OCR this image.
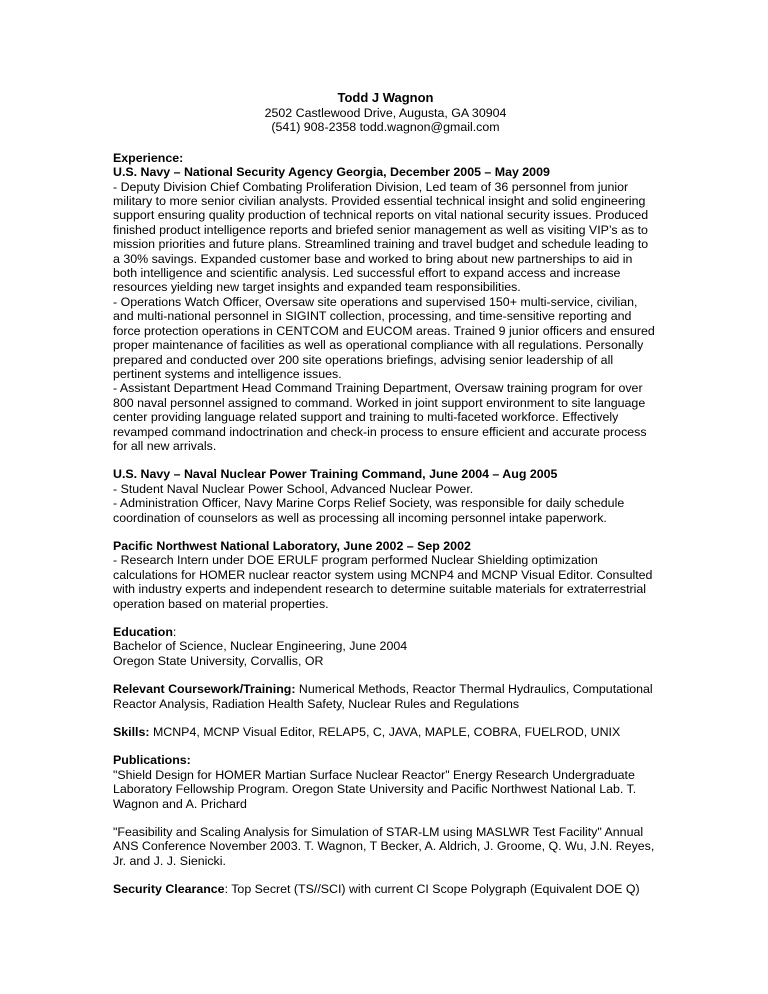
Todd J Wagnon
2502 Castlewood Drive, Augusta, GA 30904
(541) 908-2358 todd.wagnon@gmail.com
Experience:
U.S. Navy – National Security Agency Georgia, December 2005 – May 2009

- Deputy Division Chief Combating Proliferation Division, Led team of 36 personnel from junior military to more senior civilian analysts. Provided essential technical insight and solid engineering support ensuring quality production of technical reports on vital national security issues. Produced finished product intelligence reports and briefed senior management as well as visiting VIP’s as to mission priorities and future plans. Streamlined training and travel budget and schedule leading to a 30% savings. Expanded customer base and worked to bring about new partnerships to aid in both intelligence and scientific analysis. Led successful effort to expand access and increase resources yielding new target insights and expanded team responsibilities.

- Operations Watch Officer, Oversaw site operations and supervised 150+ multi-service, civilian, and multi-national personnel in SIGINT collection, processing, and time-sensitive reporting and force protection operations in CENTCOM and EUCOM areas. Trained 9 junior officers and ensured proper maintenance of facilities as well as operational compliance with all regulations. Personally prepared and conducted over 200 site operations briefings, advising senior leadership of all pertinent systems and intelligence issues.

- Assistant Department Head Command Training Department, Oversaw training program for over 800 naval personnel assigned to command. Worked in joint support environment to site language center providing language related support and training to multi-faceted workforce. Effectively revamped command indoctrination and check-in process to ensure efficient and accurate process for all new arrivals.

U.S. Navy – Naval Nuclear Power Training Command, June 2004 – Aug 2005

- Student Naval Nuclear Power School, Advanced Nuclear Power.

- Administration Officer, Navy Marine Corps Relief Society, was responsible for daily schedule coordination of counselors as well as processing all incoming personnel intake paperwork.

Pacific Northwest National Laboratory, June 2002 – Sep 2002

- Research Intern under DOE ERULF program performed Nuclear Shielding optimization calculations for HOMER nuclear reactor system using MCNP4 and MCNP Visual Editor. Consulted with industry experts and independent research to determine suitable materials for extraterrestrial operation based on material properties.

Education:
Bachelor of Science, Nuclear Engineering, June 2004
Oregon State University, Corvallis, OR

Relevant Coursework/Training: Numerical Methods, Reactor Thermal Hydraulics, Computational Reactor Analysis, Radiation Health Safety, Nuclear Rules and Regulations

Skills: MCNP4, MCNP Visual Editor, RELAP5, C, JAVA, MAPLE, COBRA, FUELROD, UNIX

Publications:

"Shield Design for HOMER Martian Surface Nuclear Reactor" Energy Research Undergraduate Laboratory Fellowship Program. Oregon State University and Pacific Northwest National Lab. T. Wagnon and A. Prichard

"Feasibility and Scaling Analysis for Simulation of STAR-LM using MASLWR Test Facility" Annual ANS Conference November 2003. T. Wagnon, T Becker, A. Aldrich, J. Groome, Q. Wu, J.N. Reyes, Jr. and J. J. Sienicki.

Security Clearance: Top Secret (TS//SCI) with current CI Scope Polygraph (Equivalent DOE Q)
